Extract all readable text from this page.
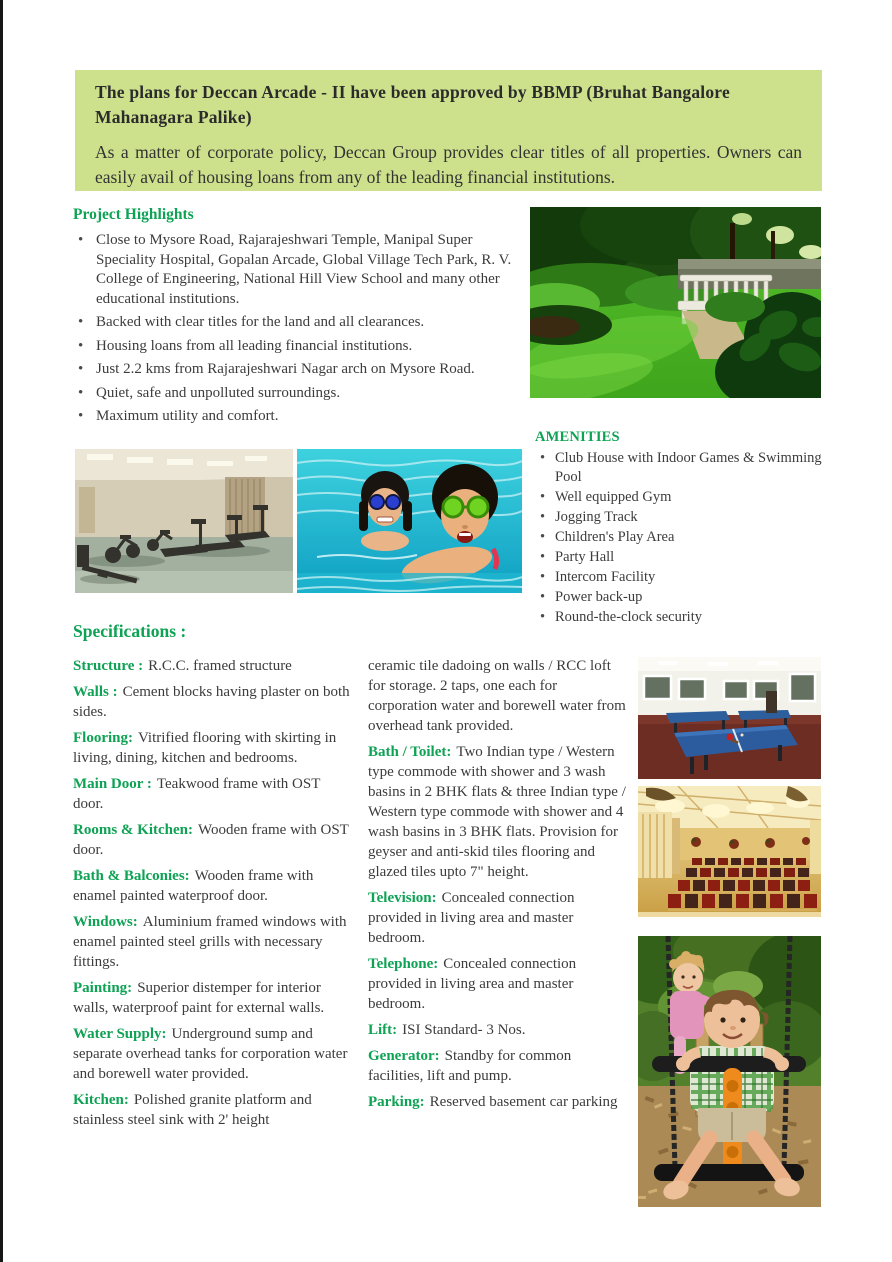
The plans for Deccan Arcade - II have been approved by BBMP (Bruhat Bangalore Mahanagara Palike)
As a matter of corporate policy, Deccan Group provides clear titles of all properties. Owners can easily avail of housing loans from any of the leading financial institutions.
Project Highlights
• Close to Mysore Road, Rajarajeshwari Temple, Manipal Super Speciality Hospital, Gopalan Arcade, Global Village Tech Park, R. V. College of Engineering, National Hill View School and many other educational institutions.
• Backed with clear titles for the land and all clearances.
• Housing loans from all leading financial institutions.
• Just 2.2 kms from Rajarajeshwari Nagar arch on Mysore Road.
• Quiet, safe and unpolluted surroundings.
• Maximum utility and comfort.
AMENITIES
• Club House with Indoor Games & Swimming Pool
• Well equipped Gym
• Jogging Track
• Children's Play Area
• Party Hall
• Intercom Facility
• Power back-up
• Round-the-clock security
Specifications :

Structure : R.C.C. framed structure

Walls : Cement blocks having plaster on both sides.

Flooring: Vitrified flooring with skirting in living, dining, kitchen and bedrooms.

Main Door : Teakwood frame with OST door.

Rooms & Kitchen: Wooden frame with OST door.

Bath & Balconies: Wooden frame with enamel painted waterproof door.

Windows: Aluminium framed windows with enamel painted steel grills with necessary fittings.

Painting: Superior distemper for interior walls, waterproof paint for external walls.

Water Supply: Underground sump and separate overhead tanks for corporation water and borewell water provided.

Kitchen: Polished granite platform and stainless steel sink with 2' height

ceramic tile dadoing on walls / RCC loft for storage. 2 taps, one each for corporation water and borewell water from overhead tank provided.

Bath / Toilet: Two Indian type / Western type commode with shower and 3 wash basins in 2 BHK flats & three Indian type / Western type commode with shower and 4 wash basins in 3 BHK flats. Provision for geyser and anti-skid tiles flooring and glazed tiles upto 7" height.

Television: Concealed connection provided in living area and master bedroom.

Telephone: Concealed connection provided in living area and master bedroom.

Lift: ISI Standard- 3 Nos.

Generator: Standby for common facilities, lift and pump.

Parking: Reserved basement car parking
